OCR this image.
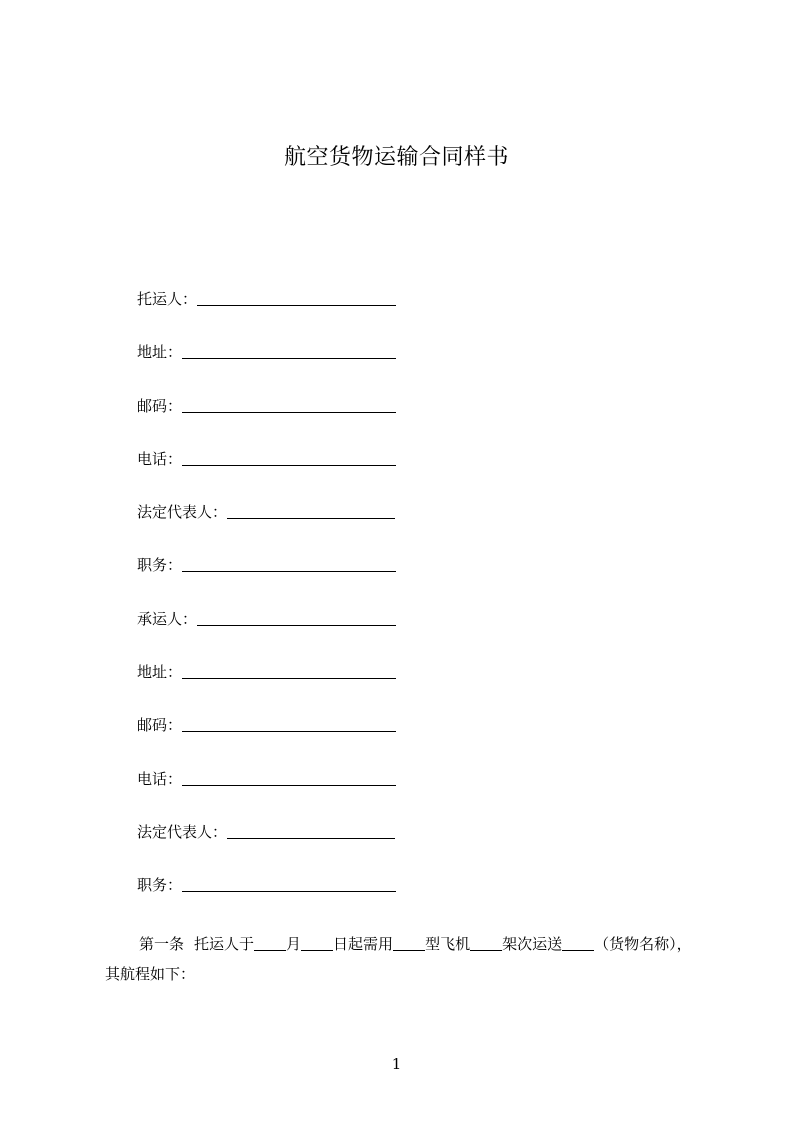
航空货物运输合同样书
托运人：
地址：
邮码：
电话：
法定代表人：
职务：
承运人：
地址：
邮码：
电话：
法定代表人：
职务：
第一条 托运人于 月 日起需用 型飞机 架次运送 （货物名称），
其航程如下：
1
